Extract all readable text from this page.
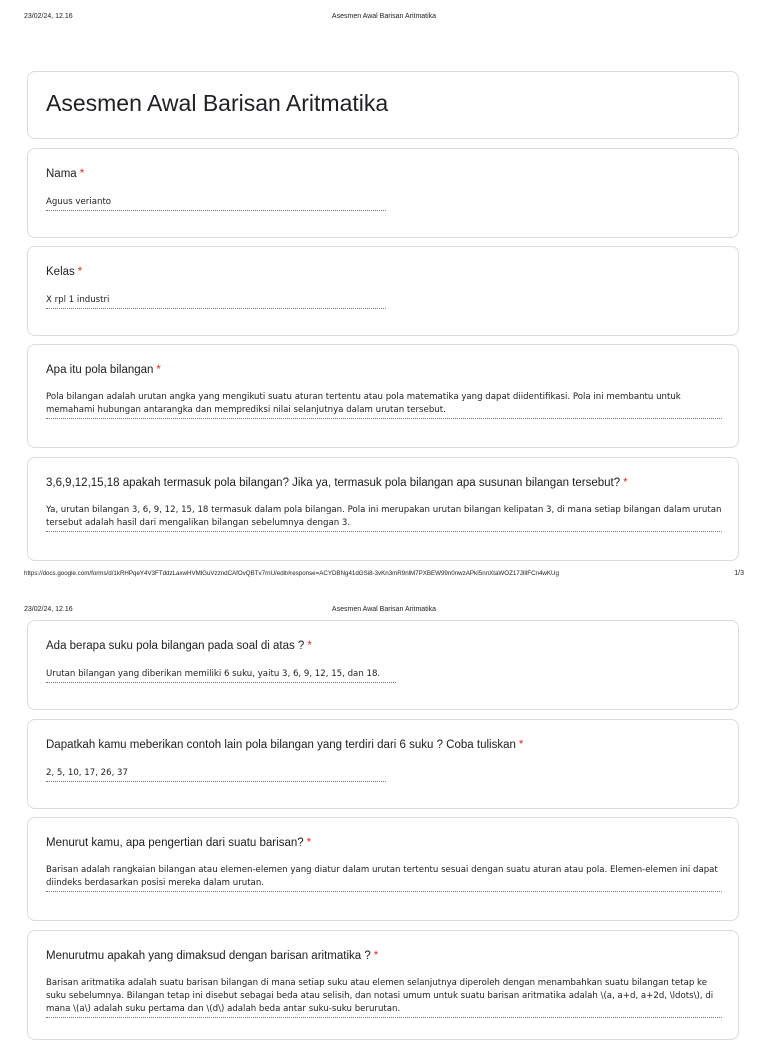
23/02/24, 12.16	Asesmen Awal Barisan Aritmatika
Asesmen Awal Barisan Aritmatika
Nama *
Aguus verianto
Kelas *
X rpl 1 industri
Apa itu pola bilangan *
Pola bilangan adalah urutan angka yang mengikuti suatu aturan tertentu atau pola matematika yang dapat diidentifikasi. Pola ini membantu untuk memahami hubungan antarangka dan memprediksi nilai selanjutnya dalam urutan tersebut.
3,6,9,12,15,18 apakah termasuk pola bilangan? Jika ya, termasuk pola bilangan apa susunan bilangan tersebut? *
Ya, urutan bilangan 3, 6, 9, 12, 15, 18 termasuk dalam pola bilangan. Pola ini merupakan urutan bilangan kelipatan 3, di mana setiap bilangan dalam urutan tersebut adalah hasil dari mengalikan bilangan sebelumnya dengan 3.
https://docs.google.com/forms/d/1kRHPqeY4V3FTddzLaxwHVMlGuVzzndCAfOvQBTv7rnU/edit#response=ACYDBNg41dGSi8-3vKn3mR9nlM7PXBEW99n0nwzAPkI5nnXtaWOZ17JlIlFCn4wKUg	1/3
23/02/24, 12.16	Asesmen Awal Barisan Aritmatika
Ada berapa suku pola bilangan pada soal di atas ? *
Urutan bilangan yang diberikan memiliki 6 suku, yaitu 3, 6, 9, 12, 15, dan 18.
Dapatkah kamu meberikan contoh lain pola bilangan yang terdiri dari 6 suku ? Coba tuliskan *
2, 5, 10, 17, 26, 37
Menurut kamu, apa pengertian dari suatu barisan? *
Barisan adalah rangkaian bilangan atau elemen-elemen yang diatur dalam urutan tertentu sesuai dengan suatu aturan atau pola. Elemen-elemen ini dapat diindeks berdasarkan posisi mereka dalam urutan.
Menurutmu apakah yang dimaksud dengan barisan aritmatika ? *
Barisan aritmatika adalah suatu barisan bilangan di mana setiap suku atau elemen selanjutnya diperoleh dengan menambahkan suatu bilangan tetap ke suku sebelumnya. Bilangan tetap ini disebut sebagai beda atau selisih, dan notasi umum untuk suatu barisan aritmatika adalah \(a, a+d, a+2d, \ldots\), di mana \(a\) adalah suku pertama dan \(d\) adalah beda antar suku-suku berurutan.
